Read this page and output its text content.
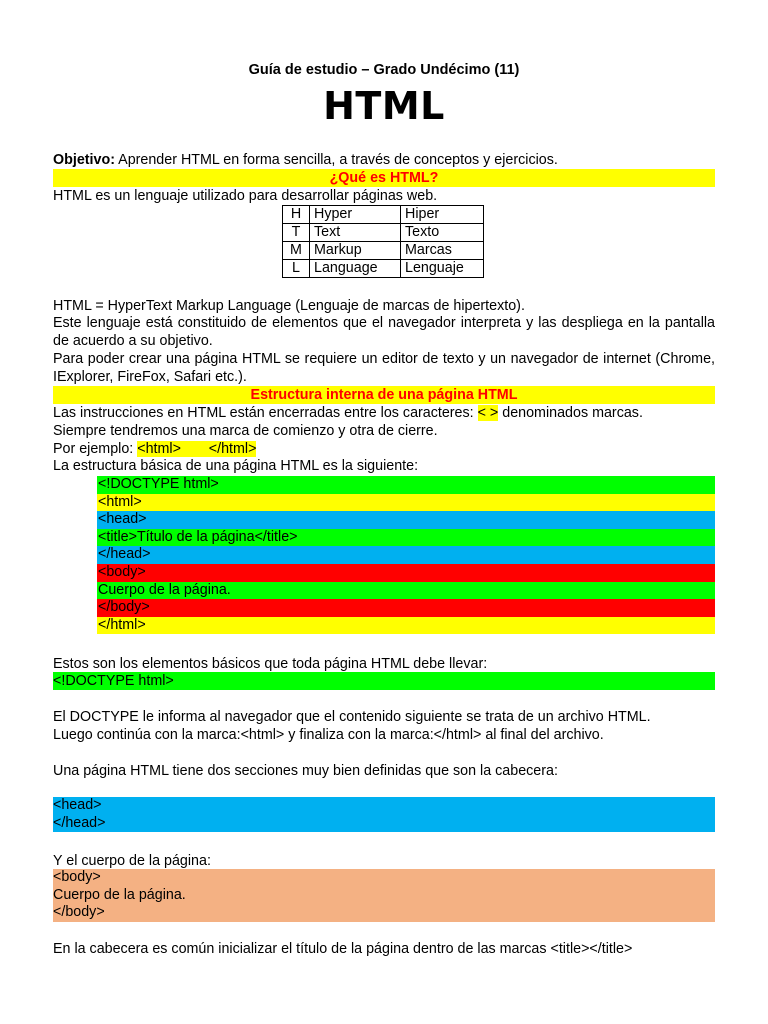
Guía de estudio – Grado Undécimo (11)
HTML
Objetivo: Aprender HTML en forma sencilla, a través de conceptos y ejercicios.
¿Qué es HTML?
HTML es un lenguaje utilizado para desarrollar páginas web.
H	Hyper	Hiper
T	Text	Texto
M	Markup	Marcas
L	Language	Lenguaje
HTML = HyperText Markup Language (Lenguaje de marcas de hipertexto).
Este lenguaje está constituido de elementos que el navegador interpreta y las despliega en la pantalla de acuerdo a su objetivo.
Para poder crear una página HTML se requiere un editor de texto y un navegador de internet (Chrome, IExplorer, FireFox, Safari etc.).
Estructura interna de una página HTML
Las instrucciones en HTML están encerradas entre los caracteres: < > denominados marcas.
Siempre tendremos una marca de comienzo y otra de cierre.
Por ejemplo: <html>       </html>
La estructura básica de una página HTML es la siguiente:
<!DOCTYPE html>
<html>
<head>
<title>Título de la página</title>
</head>
<body>
Cuerpo de la página.
</body>
</html>
Estos son los elementos básicos que toda página HTML debe llevar:
<!DOCTYPE html>
El DOCTYPE le informa al navegador que el contenido siguiente se trata de un archivo HTML.
Luego continúa con la marca:<html> y finaliza con la marca:</html> al final del archivo.
Una página HTML tiene dos secciones muy bien definidas que son la cabecera:
<head>
</head>
Y el cuerpo de la página:
<body>
Cuerpo de la página.
</body>
En la cabecera es común inicializar el título de la página dentro de las marcas <title></title>
